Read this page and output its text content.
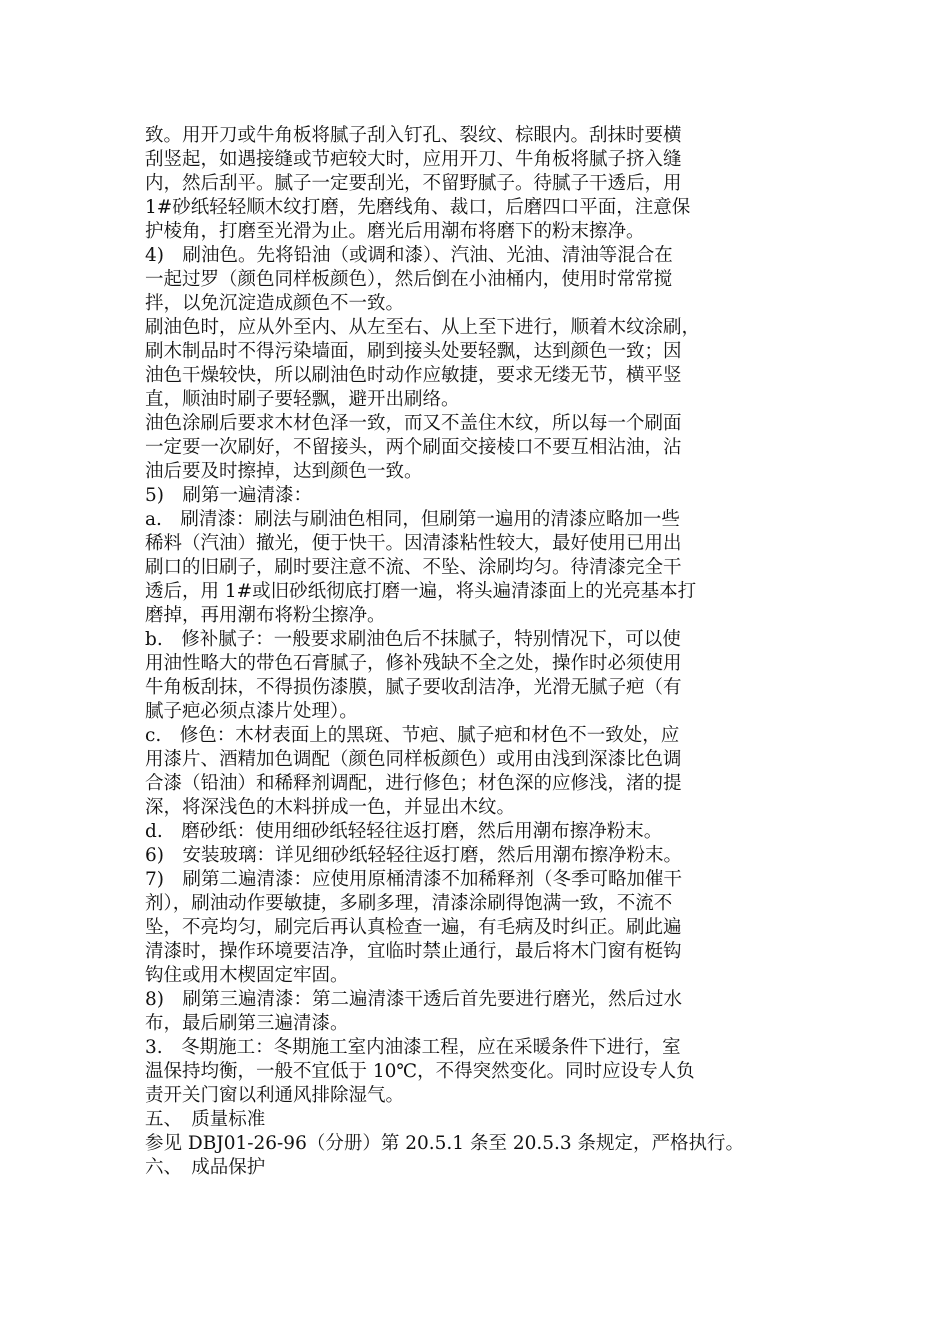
致。用开刀或牛角板将腻子刮入钉孔、裂纹、棕眼内。刮抹时要横
刮竖起，如遇接缝或节疤较大时，应用开刀、牛角板将腻子挤入缝
内，然后刮平。腻子一定要刮光，不留野腻子。待腻子干透后，用
1#砂纸轻轻顺木纹打磨，先磨线角、裁口，后磨四口平面，注意保
护棱角，打磨至光滑为止。磨光后用潮布将磨下的粉末擦净。
4)　刷油色。先将铅油（或调和漆）、汽油、光油、清油等混合在
一起过罗（颜色同样板颜色），然后倒在小油桶内，使用时常常搅
拌，以免沉淀造成颜色不一致。
刷油色时，应从外至内、从左至右、从上至下进行，顺着木纹涂刷，
刷木制品时不得污染墙面，刷到接头处要轻飘，达到颜色一致；因
油色干燥较快，所以刷油色时动作应敏捷，要求无缕无节，横平竖
直，顺油时刷子要轻飘，避开出刷络。
油色涂刷后要求木材色泽一致，而又不盖住木纹，所以每一个刷面
一定要一次刷好，不留接头，两个刷面交接棱口不要互相沾油，沾
油后要及时擦掉，达到颜色一致。
5)　刷第一遍清漆：
a.　刷清漆：刷法与刷油色相同，但刷第一遍用的清漆应略加一些
稀料（汽油）撤光，便于快干。因清漆粘性较大，最好使用已用出
刷口的旧刷子，刷时要注意不流、不坠、涂刷均匀。待清漆完全干
透后，用 1#或旧砂纸彻底打磨一遍，将头遍清漆面上的光亮基本打
磨掉，再用潮布将粉尘擦净。
b.　修补腻子：一般要求刷油色后不抹腻子，特别情况下，可以使
用油性略大的带色石膏腻子，修补残缺不全之处，操作时必须使用
牛角板刮抹，不得损伤漆膜，腻子要收刮洁净，光滑无腻子疤（有
腻子疤必须点漆片处理）。
c.　修色：木材表面上的黑斑、节疤、腻子疤和材色不一致处，应
用漆片、酒精加色调配（颜色同样板颜色）或用由浅到深漆比色调
合漆（铅油）和稀释剂调配，进行修色；材色深的应修浅，渚的提
深，将深浅色的木料拼成一色，并显出木纹。
d.　磨砂纸：使用细砂纸轻轻往返打磨，然后用潮布擦净粉末。
6)　安装玻璃：详见细砂纸轻轻往返打磨，然后用潮布擦净粉末。
7)　刷第二遍清漆：应使用原桶清漆不加稀释剂（冬季可略加催干
剂），刷油动作要敏捷，多刷多理，清漆涂刷得饱满一致，不流不
坠，不亮均匀，刷完后再认真检查一遍，有毛病及时纠正。刷此遍
清漆时，操作环境要洁净，宜临时禁止通行，最后将木门窗有梃钩
钩住或用木楔固定牢固。
8)　刷第三遍清漆：第二遍清漆干透后首先要进行磨光，然后过水
布，最后刷第三遍清漆。
3.　冬期施工：冬期施工室内油漆工程，应在采暖条件下进行，室
温保持均衡，一般不宜低于 10℃，不得突然变化。同时应设专人负
责开关门窗以利通风排除湿气。
五、　质量标准
参见 DBJ01-26-96（分册）第 20.5.1 条至 20.5.3 条规定，严格执行。
六、　成品保护
